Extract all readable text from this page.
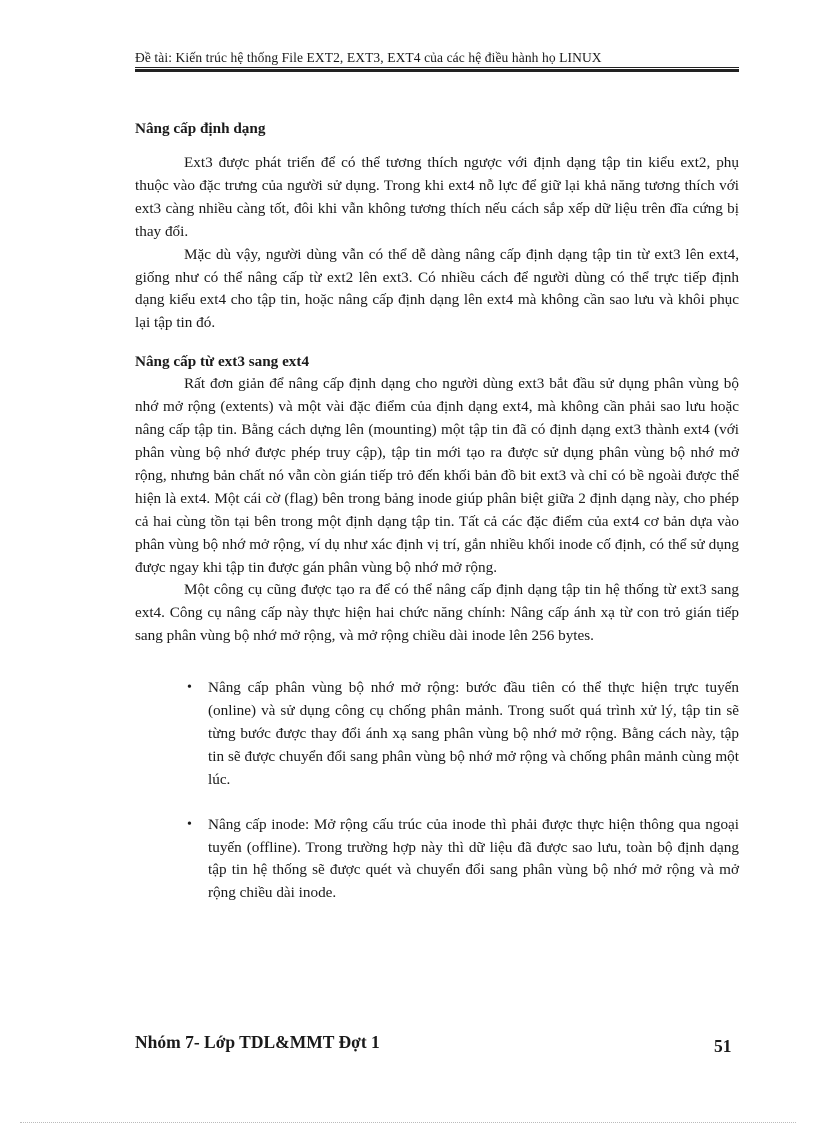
Đề tài: Kiến trúc hệ thống File EXT2, EXT3, EXT4 của các hệ điều hành họ LINUX
Nâng cấp định dạng

Ext3 được phát triển để có thể tương thích ngược với định dạng tập tin kiểu ext2, phụ thuộc vào đặc trưng của người sử dụng. Trong khi ext4 nỗ lực để giữ lại khả năng tương thích với ext3 càng nhiều càng tốt, đôi khi vẫn không tương thích nếu cách sắp xếp dữ liệu trên đĩa cứng bị thay đổi.

Mặc dù vậy, người dùng vẫn có thể dễ dàng nâng cấp định dạng tập tin từ ext3 lên ext4, giống như có thể nâng cấp từ ext2 lên ext3. Có nhiều cách để người dùng có thể trực tiếp định dạng kiểu ext4 cho tập tin, hoặc nâng cấp định dạng lên ext4 mà không cần sao lưu và khôi phục lại tập tin đó.

Nâng cấp từ ext3 sang ext4

Rất đơn giản để nâng cấp định dạng cho người dùng ext3 bắt đầu sử dụng phân vùng bộ nhớ mở rộng (extents) và một vài đặc điểm của định dạng ext4, mà không cần phải sao lưu hoặc nâng cấp tập tin. Bằng cách dựng lên (mounting) một tập tin đã có định dạng ext3 thành ext4 (với phân vùng bộ nhớ được phép truy cập), tập tin mới tạo ra được sử dụng phân vùng bộ nhớ mở rộng, nhưng bản chất nó vẫn còn gián tiếp trỏ đến khối bản đồ bit ext3 và chỉ có bề ngoài được thể hiện là ext4. Một cái cờ (flag) bên trong bảng inode giúp phân biệt giữa 2 định dạng này, cho phép cả hai cùng tồn tại bên trong một định dạng tập tin. Tất cả các đặc điểm của ext4 cơ bản dựa vào phân vùng bộ nhớ mở rộng, ví dụ như xác định vị trí, gắn nhiều khối inode cố định, có thể sử dụng được ngay khi tập tin được gán phân vùng bộ nhớ mở rộng.

Một công cụ cũng được tạo ra để có thể nâng cấp định dạng tập tin hệ thống từ ext3 sang ext4. Công cụ nâng cấp này thực hiện hai chức năng chính: Nâng cấp ánh xạ từ con trỏ gián tiếp sang phân vùng bộ nhớ mở rộng, và mở rộng chiều dài inode lên 256 bytes.

• Nâng cấp phân vùng bộ nhớ mở rộng: bước đầu tiên có thể thực hiện trực tuyến (online) và sử dụng công cụ chống phân mảnh. Trong suốt quá trình xử lý, tập tin sẽ từng bước được thay đổi ánh xạ sang phân vùng bộ nhớ mở rộng. Bằng cách này, tập tin sẽ được chuyển đổi sang phân vùng bộ nhớ mở rộng và chống phân mảnh cùng một lúc.
• Nâng cấp inode: Mở rộng cấu trúc của inode thì phải được thực hiện thông qua ngoại tuyến (offline). Trong trường hợp này thì dữ liệu đã được sao lưu, toàn bộ định dạng tập tin hệ thống sẽ được quét và chuyển đổi sang phân vùng bộ nhớ mở rộng và mở rộng chiều dài inode.
Nhóm 7- Lớp TDL&MMT Đợt 1	51
